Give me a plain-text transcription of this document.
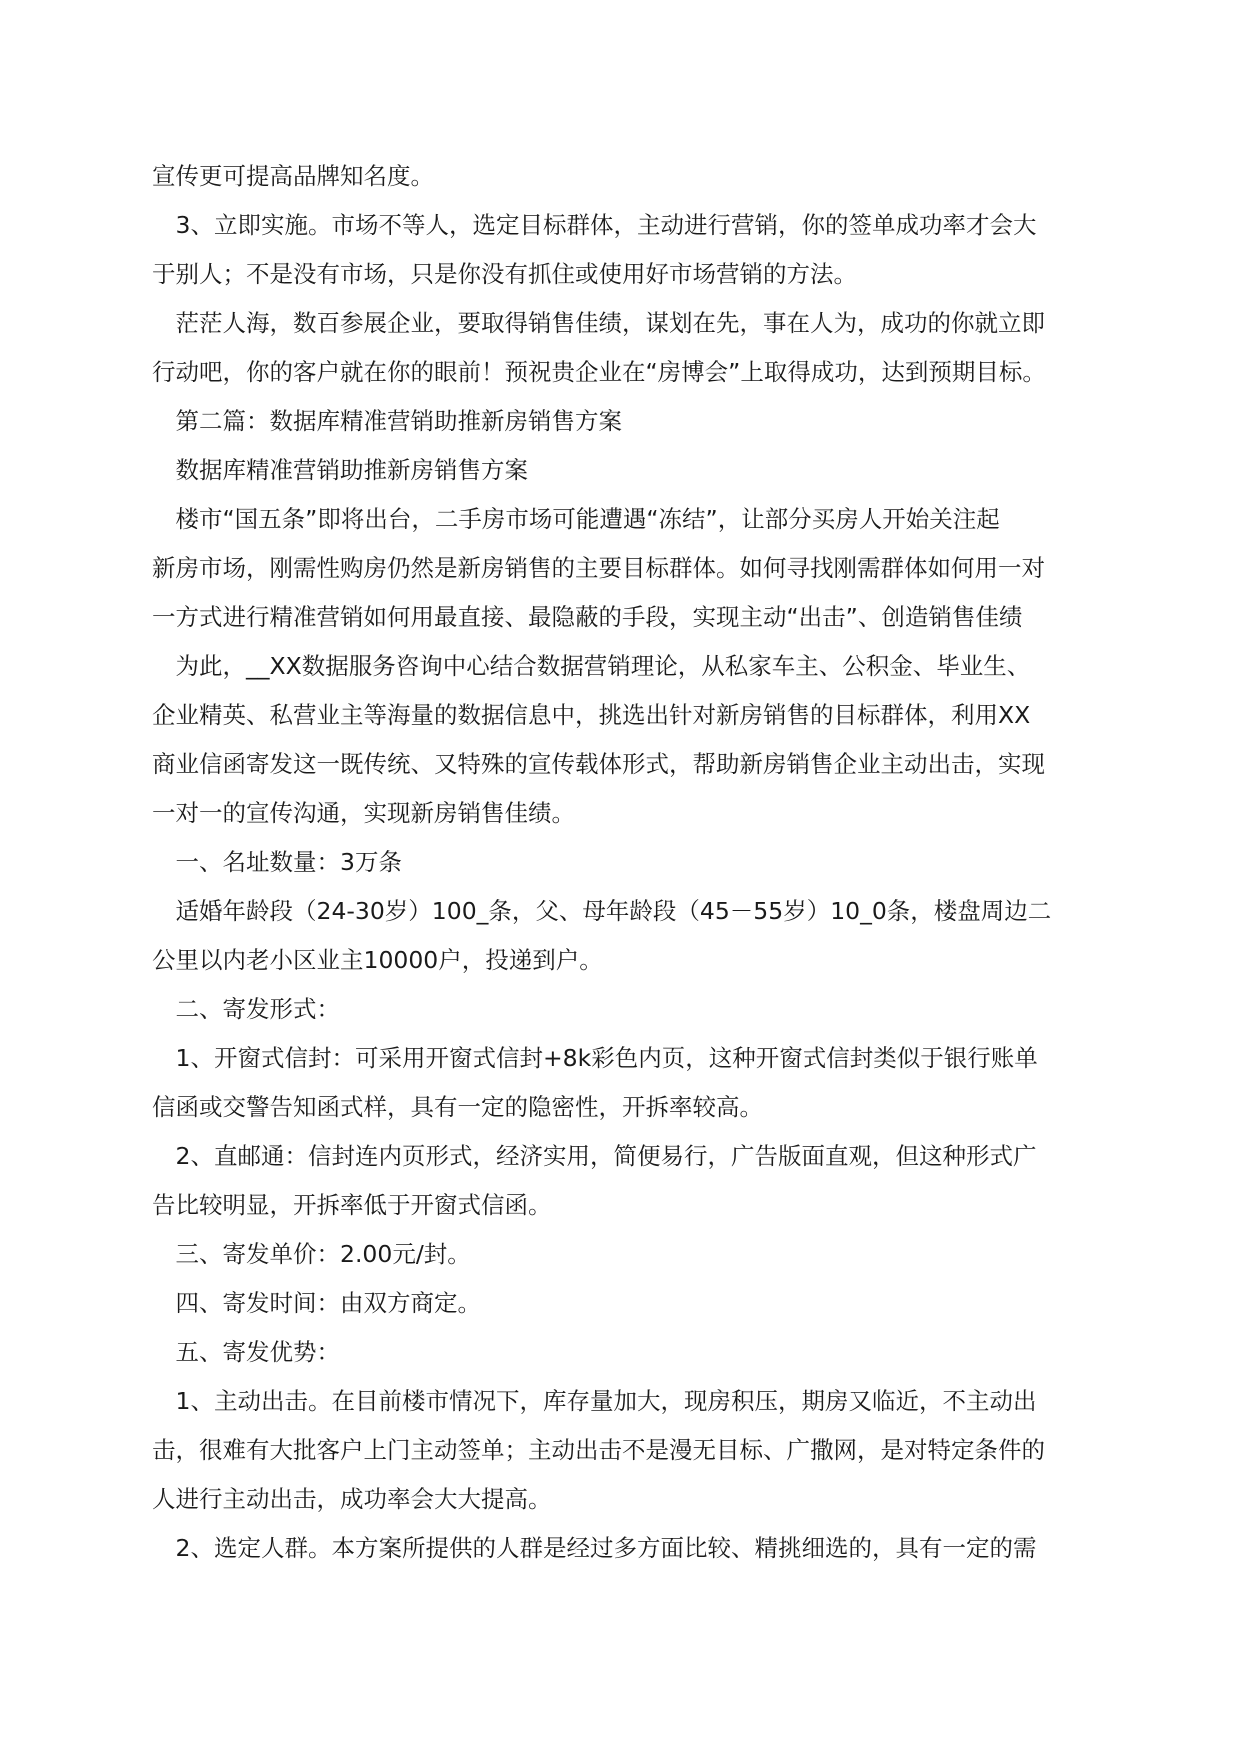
宣传更可提高品牌知名度。
　3、立即实施。市场不等人，选定目标群体，主动进行营销，你的签单成功率才会大
于别人；不是没有市场，只是你没有抓住或使用好市场营销的方法。
　茫茫人海，数百参展企业，要取得销售佳绩，谋划在先，事在人为，成功的你就立即
行动吧，你的客户就在你的眼前！预祝贵企业在“房博会”上取得成功，达到预期目标。
　第二篇：数据库精准营销助推新房销售方案
　数据库精准营销助推新房销售方案
　楼市“国五条”即将出台，二手房市场可能遭遇“冻结”，让部分买房人开始关注起
新房市场，刚需性购房仍然是新房销售的主要目标群体。如何寻找刚需群体如何用一对
一方式进行精准营销如何用最直接、最隐蔽的手段，实现主动“出击”、创造销售佳绩
　为此，__XX数据服务咨询中心结合数据营销理论，从私家车主、公积金、毕业生、
企业精英、私营业主等海量的数据信息中，挑选出针对新房销售的目标群体，利用XX
商业信函寄发这一既传统、又特殊的宣传载体形式，帮助新房销售企业主动出击，实现
一对一的宣传沟通，实现新房销售佳绩。
　一、名址数量：3万条
　适婚年龄段（24-30岁）100_条，父、母年龄段（45－55岁）10_0条，楼盘周边二
公里以内老小区业主10000户，投递到户。
　二、寄发形式：
　1、开窗式信封：可采用开窗式信封+8k彩色内页，这种开窗式信封类似于银行账单
信函或交警告知函式样，具有一定的隐密性，开拆率较高。
　2、直邮通：信封连内页形式，经济实用，简便易行，广告版面直观，但这种形式广
告比较明显，开拆率低于开窗式信函。
　三、寄发单价：2.00元/封。
　四、寄发时间：由双方商定。
　五、寄发优势：
　1、主动出击。在目前楼市情况下，库存量加大，现房积压，期房又临近，不主动出
击，很难有大批客户上门主动签单；主动出击不是漫无目标、广撒网，是对特定条件的
人进行主动出击，成功率会大大提高。
　2、选定人群。本方案所提供的人群是经过多方面比较、精挑细选的，具有一定的需
